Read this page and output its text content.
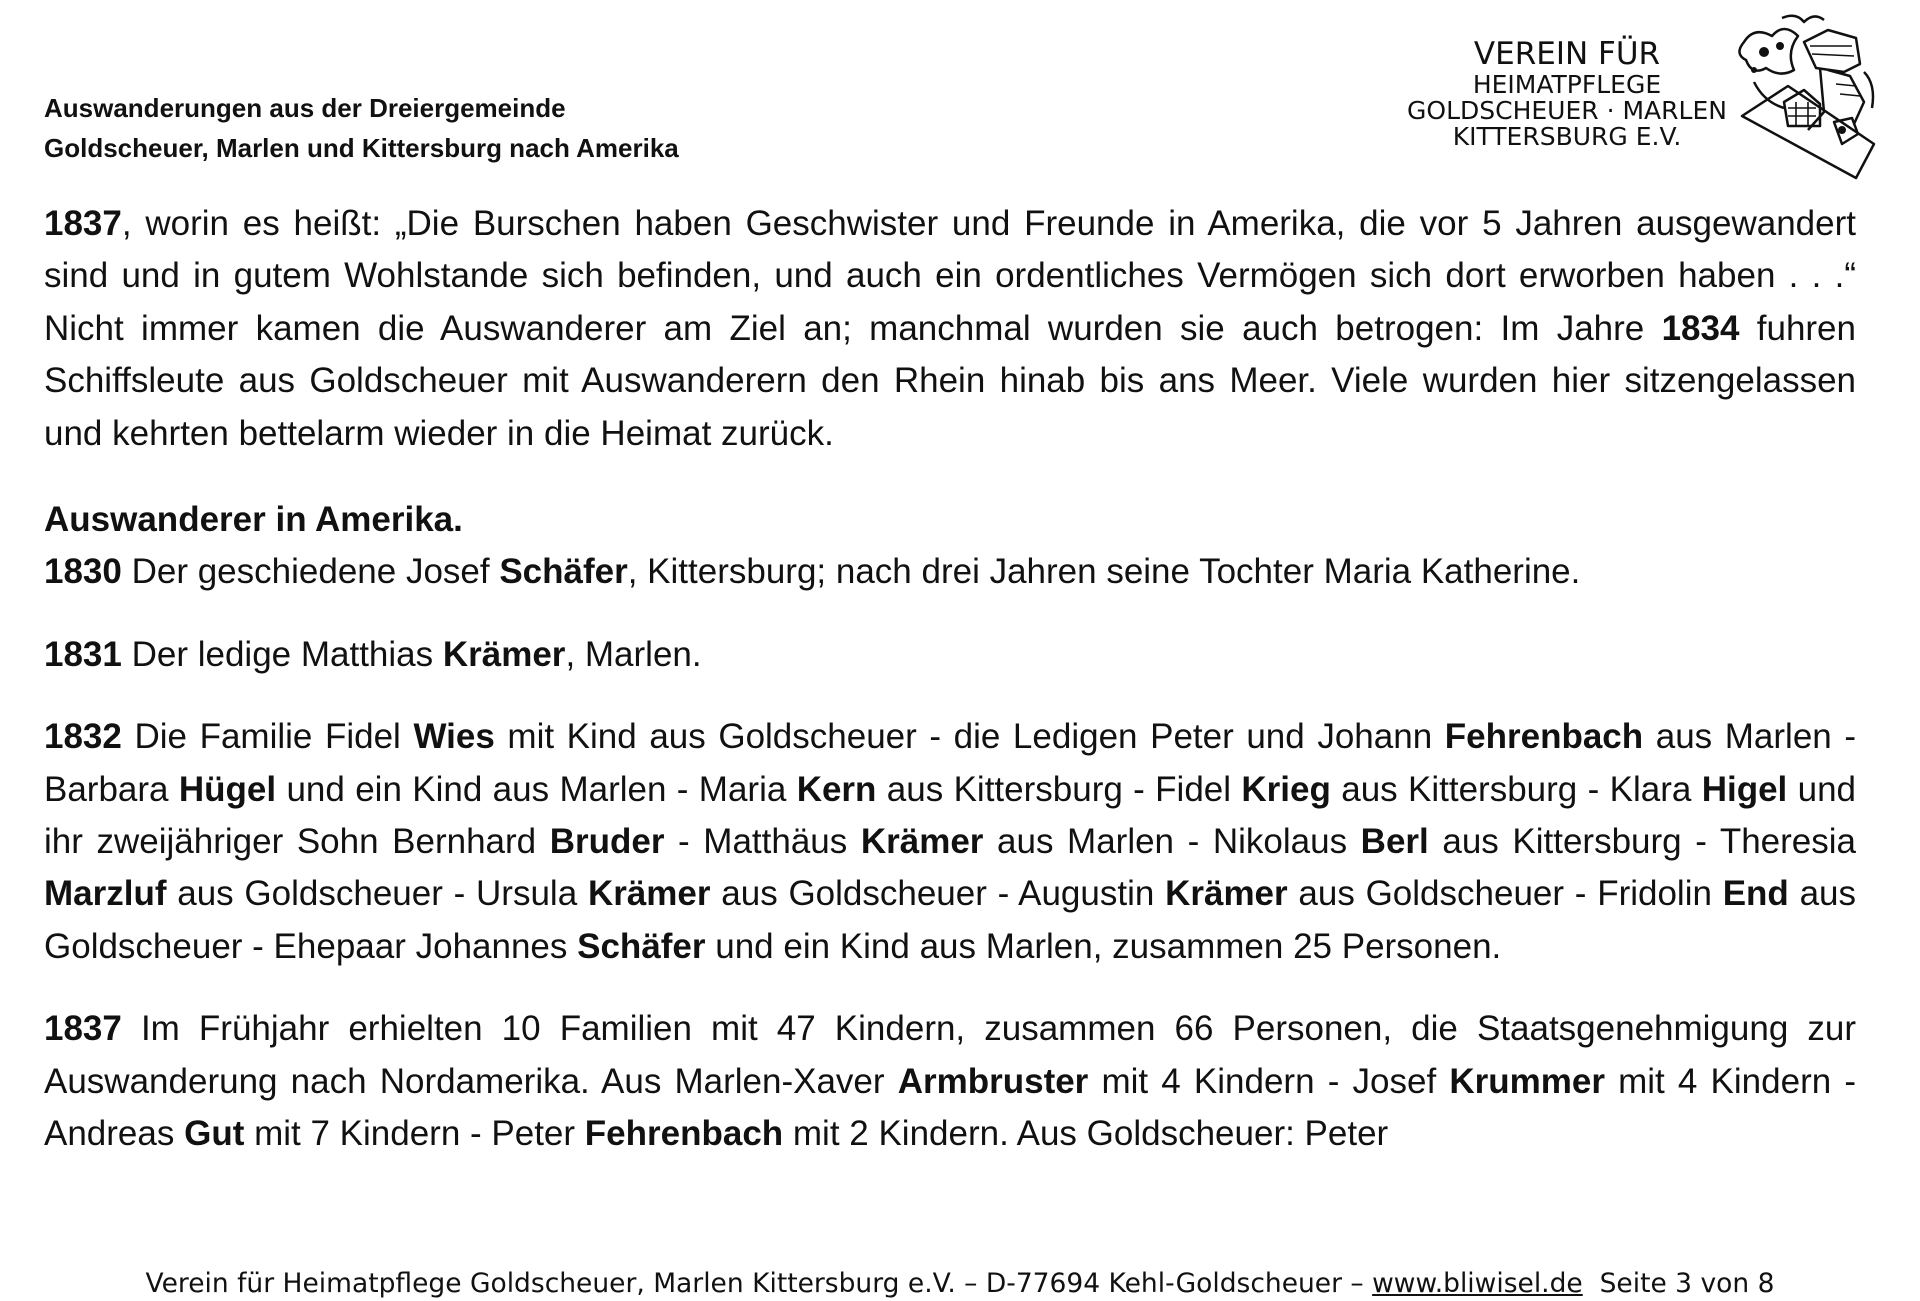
Auswanderungen aus der Dreiergemeinde
Goldscheuer, Marlen und Kittersburg nach Amerika
VEREIN FÜR
HEIMATPFLEGE
GOLDSCHEUER · MARLEN
KITTERSBURG E.V.

1837, worin es heißt: „Die Burschen haben Geschwister und Freunde in Amerika, die vor 5 Jahren ausgewandert sind und in gutem Wohlstande sich befinden, und auch ein ordentliches Vermögen sich dort erworben haben . . .“ Nicht immer kamen die Auswanderer am Ziel an; manchmal wurden sie auch betrogen: Im Jahre 1834 fuhren Schiffsleute aus Goldscheuer mit Auswanderern den Rhein hinab bis ans Meer. Viele wurden hier sitzengelassen und kehrten bettelarm wieder in die Heimat zurück.

Auswanderer in Amerika.

1830 Der geschiedene Josef Schäfer, Kittersburg; nach drei Jahren seine Tochter Maria Katherine.

1831 Der ledige Matthias Krämer, Marlen.

1832 Die Familie Fidel Wies mit Kind aus Goldscheuer - die Ledigen Peter und Johann Fehrenbach aus Marlen - Barbara Hügel und ein Kind aus Marlen - Maria Kern aus Kittersburg - Fidel Krieg aus Kittersburg - Klara Higel und ihr zweijähriger Sohn Bernhard Bruder - Matthäus Krämer aus Marlen - Nikolaus Berl aus Kittersburg - Theresia Marzluf aus Goldscheuer - Ursula Krämer aus Goldscheuer - Augustin Krämer aus Goldscheuer - Fridolin End aus Goldscheuer - Ehepaar Johannes Schäfer und ein Kind aus Marlen, zusammen 25 Personen.

1837 Im Frühjahr erhielten 10 Familien mit 47 Kindern, zusammen 66 Personen, die Staatsgenehmigung zur Auswanderung nach Nordamerika. Aus Marlen-Xaver Armbruster mit 4 Kindern - Josef Krummer mit 4 Kindern - Andreas Gut mit 7 Kindern - Peter Fehrenbach mit 2 Kindern. Aus Goldscheuer: Peter

Verein für Heimatpflege Goldscheuer, Marlen Kittersburg e.V. – D-77694 Kehl-Goldscheuer – www.bliwisel.de  Seite 3 von 8
